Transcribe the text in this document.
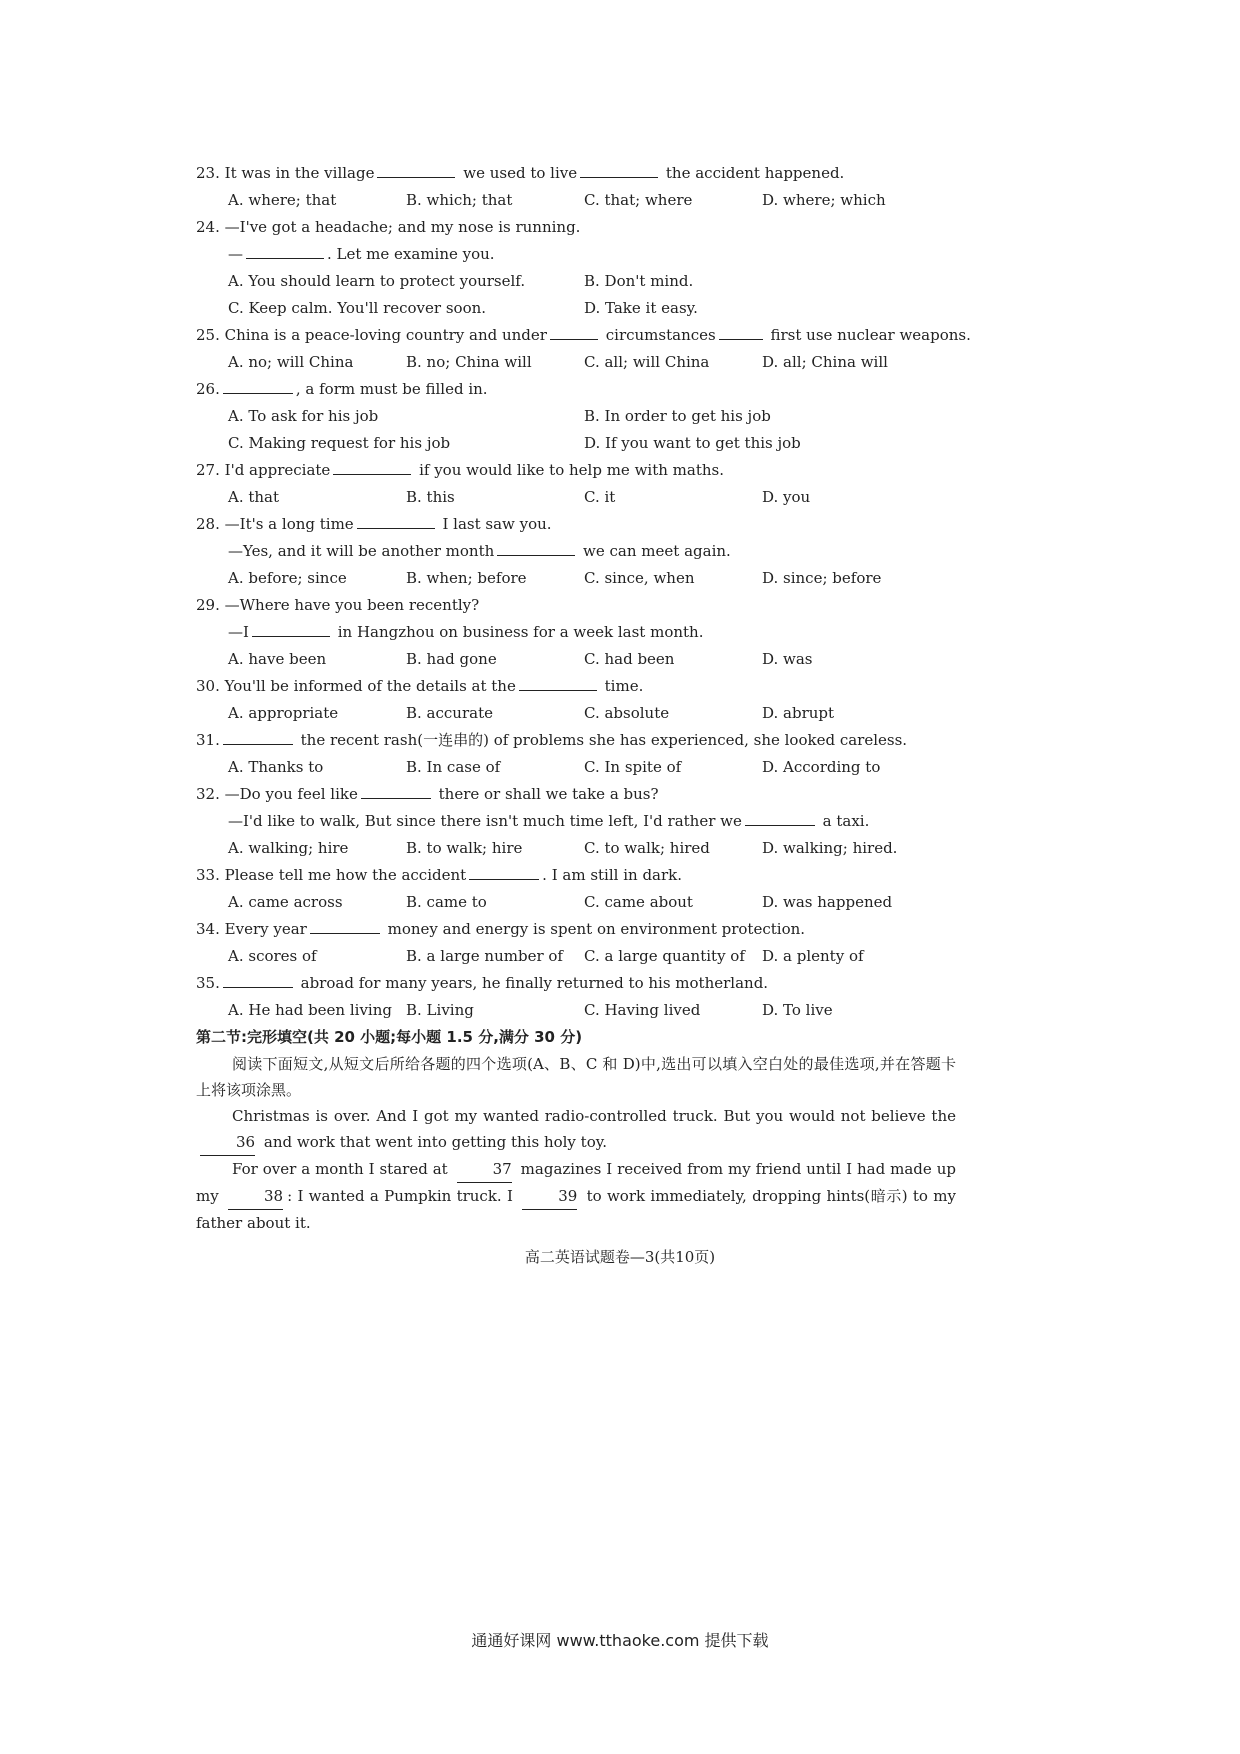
23. It was in the village	we used to live	the accident happened.
A. where; that	B. which; that	C. that; where	D. where; which
24. —I've got a headache; and my nose is running.
—	. Let me examine you.
A. You should learn to protect yourself.	B. Don't mind.
C. Keep calm. You'll recover soon.	D. Take it easy.
25. China is a peace-loving country and under	circumstances	first use nuclear weapons.
A. no; will China	B. no; China will	C. all; will China	D. all; China will
26.	, a form must be filled in.
A. To ask for his job	B. In order to get his job
C. Making request for his job	D. If you want to get this job
27. I'd appreciate	if you would like to help me with maths.
A. that	B. this	C. it	D. you
28. —It's a long time	I last saw you.
—Yes, and it will be another month	we can meet again.
A. before; since	B. when; before	C. since, when	D. since; before
29. —Where have you been recently?
—I	in Hangzhou on business for a week last month.
A. have been	B. had gone	C. had been	D. was
30. You'll be informed of the details at the	time.
A. appropriate	B. accurate	C. absolute	D. abrupt
31.	the recent rash(一连串的) of problems she has experienced, she looked careless.
A. Thanks to	B. In case of	C. In spite of	D. According to
32. —Do you feel like	there or shall we take a bus?
—I'd like to walk, But since there isn't much time left, I'd rather we	a taxi.
A. walking; hire	B. to walk; hire	C. to walk; hired	D. walking; hired.
33. Please tell me how the accident	. I am still in dark.
A. came across	B. came to	C. came about	D. was happened
34. Every year	money and energy is spent on environment protection.
A. scores of	B. a large number of C. a large quantity of D. a plenty of
35.	abroad for many years, he finally returned to his motherland.
A. He had been living B. Living	C. Having lived	D. To live
第二节:完形填空(共 20 小题;每小题 1.5 分,满分 30 分)
阅读下面短文,从短文后所给各题的四个选项(A、B、C 和 D)中,选出可以填入空白处的最佳选项,并在答题卡上将该项涂黑。
Christmas is over. And I got my wanted radio-controlled truck. But you would not believe the 36 and work that went into getting this holy toy.
For over a month I stared at	37 magazines I received from my friend until I had made up my	38 : I wanted a Pumpkin truck. I	39 to work immediately, dropping hints(暗示) to my father about it.
高二英语试题卷—3(共10页)
通通好课网 www.tthaoke.com 提供下载
